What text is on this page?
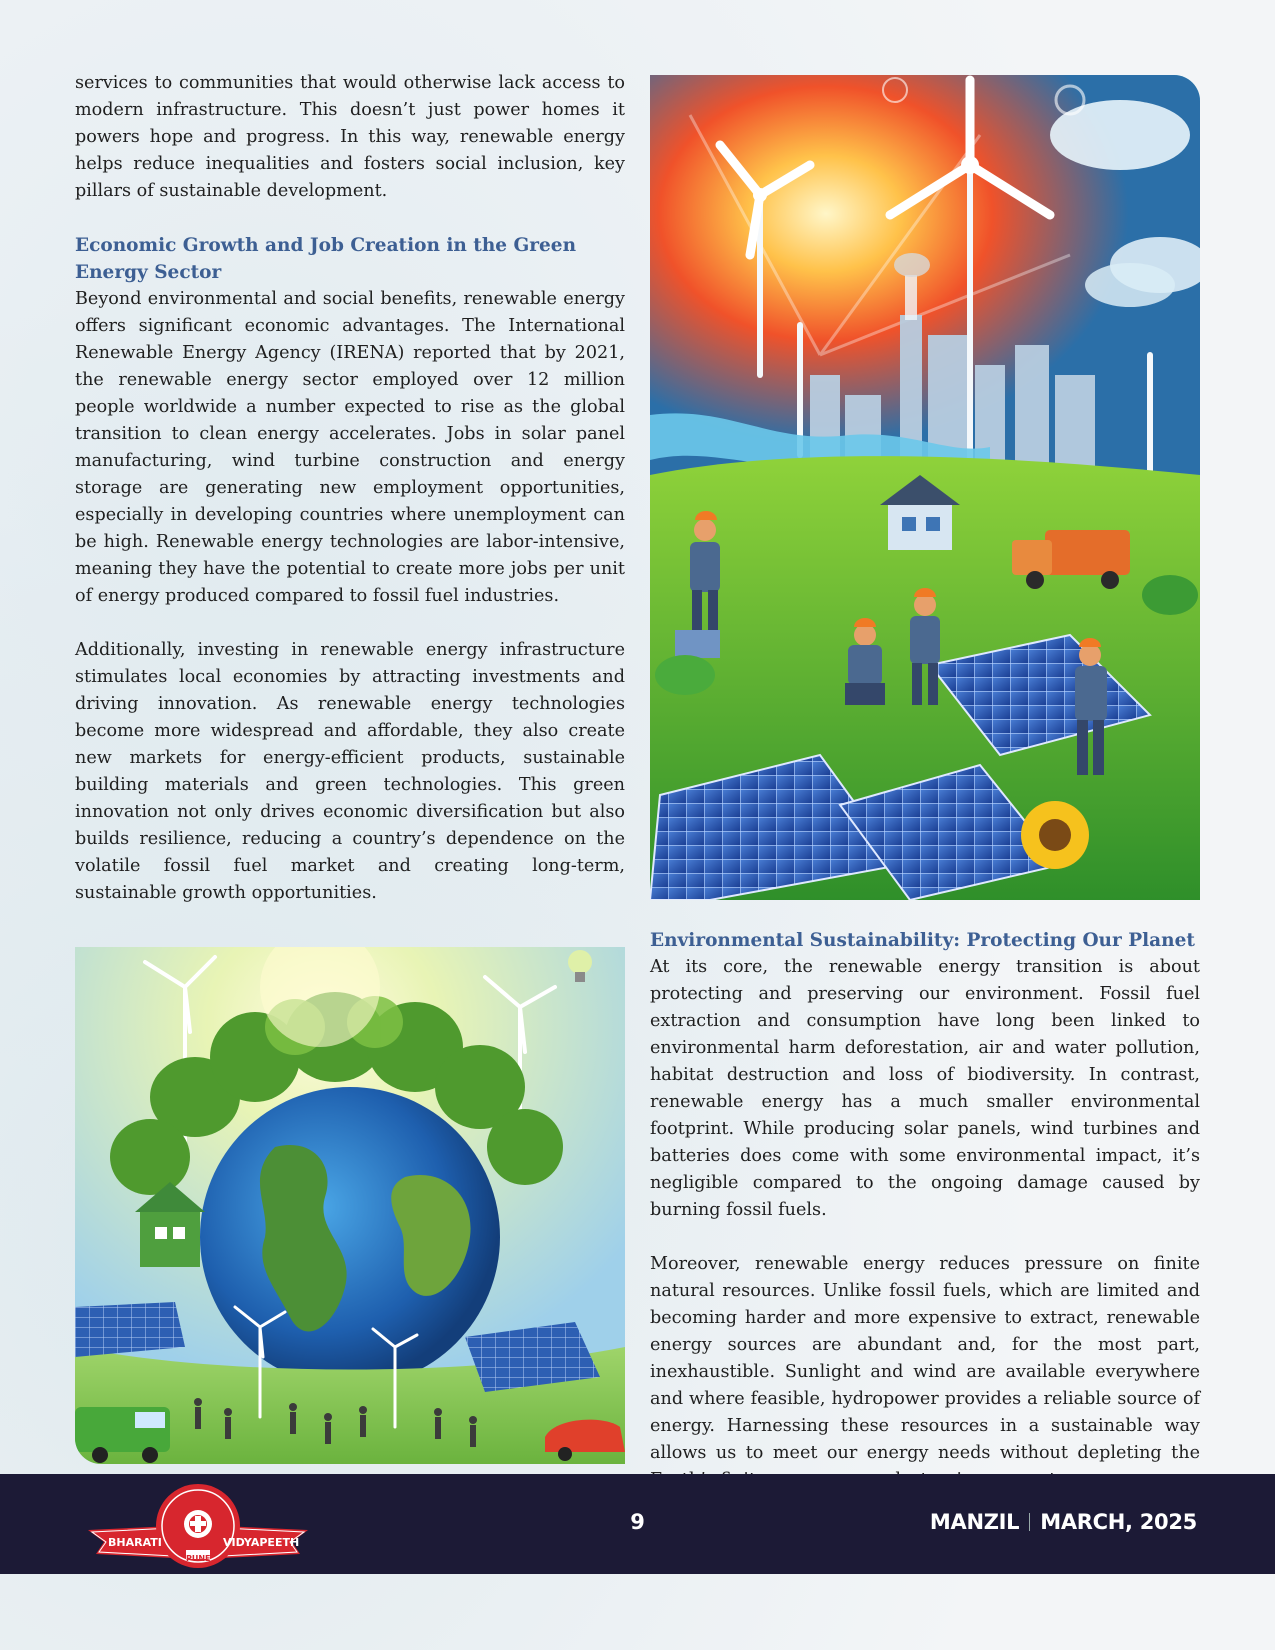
services to communities that would otherwise lack access to modern infrastructure. This doesn’t just power homes it powers hope and progress. In this way, renewable energy helps reduce inequalities and fosters social inclusion, key pillars of sustainable development.

Economic Growth and Job Creation in the Green Energy Sector

Beyond environmental and social benefits, renewable energy offers significant economic advantages. The International Renewable Energy Agency (IRENA) reported that by 2021, the renewable energy sector employed over 12 million people worldwide a number expected to rise as the global transition to clean energy accelerates. Jobs in solar panel manufacturing, wind turbine construction and energy storage are generating new employment opportunities, especially in developing countries where unemployment can be high. Renewable energy technologies are labor-intensive, meaning they have the potential to create more jobs per unit of energy produced compared to fossil fuel industries.

Additionally, investing in renewable energy infrastructure stimulates local economies by attracting investments and driving innovation. As renewable energy technologies become more widespread and affordable, they also create new markets for energy-efficient products, sustainable building materials and green technologies. This green innovation not only drives economic diversification but also builds resilience, reducing a country’s dependence on the volatile fossil fuel market and creating long-term, sustainable growth opportunities.

Environmental Sustainability: Protecting Our Planet

At its core, the renewable energy transition is about protecting and preserving our environment. Fossil fuel extraction and consumption have long been linked to environmental harm deforestation, air and water pollution, habitat destruction and loss of biodiversity. In contrast, renewable energy has a much smaller environmental footprint. While producing solar panels, wind turbines and batteries does come with some environmental impact, it’s negligible compared to the ongoing damage caused by burning fossil fuels.

Moreover, renewable energy reduces pressure on finite natural resources. Unlike fossil fuels, which are limited and becoming harder and more expensive to extract, renewable energy sources are abundant and, for the most part, inexhaustible. Sunlight and wind are available everywhere and where feasible, hydropower provides a reliable source of energy. Harnessing these resources in a sustainable way allows us to meet our energy needs without depleting the

9	MANZIL MARCH, 2025
BHARATI	VIDYAPEETH
PUNE
